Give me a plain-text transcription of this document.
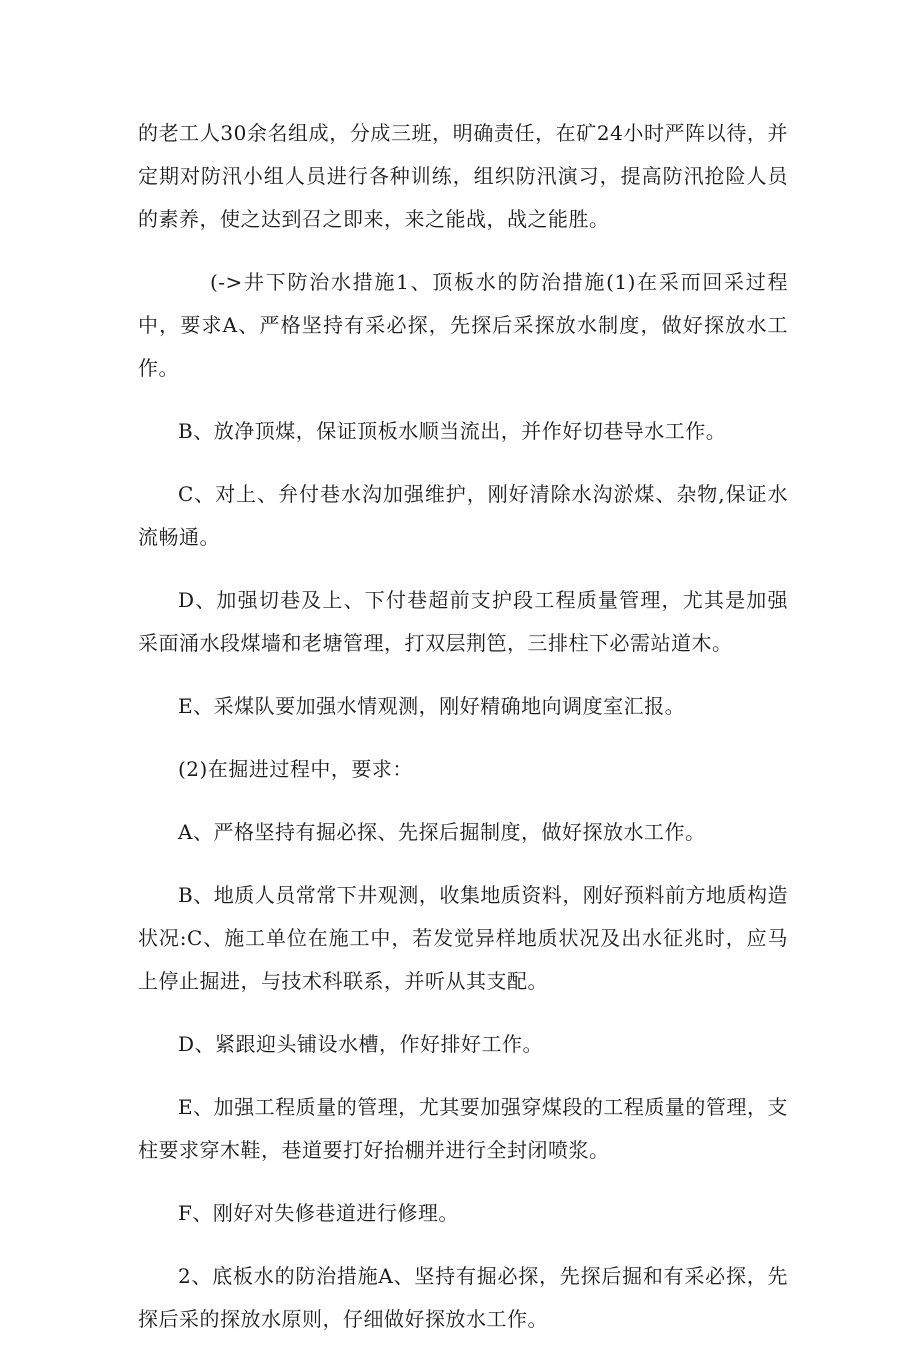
的老工人30余名组成，分成三班，明确责任，在矿24小时严阵以待，并定期对防汛小组人员进行各种训练，组织防汛演习，提高防汛抢险人员的素养，使之达到召之即来，来之能战，战之能胜。

(->井下防治水措施1、顶板水的防治措施(1)在采而回采过程中，要求A、严格坚持有采必探，先探后采探放水制度，做好探放水工作。

B、放净顶煤，保证顶板水顺当流出，并作好切巷导水工作。

C、对上、弁付巷水沟加强维护，刚好清除水沟淤煤、杂物,保证水流畅通。

D、加强切巷及上、下付巷超前支护段工程质量管理，尤其是加强采面涌水段煤墙和老塘管理，打双层荆笆，三排柱下必需站道木。

E、采煤队要加强水情观测，刚好精确地向调度室汇报。

(2)在掘进过程中，要求：

A、严格坚持有掘必探、先探后掘制度，做好探放水工作。

B、地质人员常常下井观测，收集地质资料，刚好预料前方地质构造状况:C、施工单位在施工中，若发觉异样地质状况及出水征兆时，应马上停止掘进，与技术科联系，并听从其支配。

D、紧跟迎头铺设水槽，作好排好工作。

E、加强工程质量的管理，尤其要加强穿煤段的工程质量的管理，支柱要求穿木鞋，巷道要打好抬棚并进行全封闭喷浆。

F、刚好对失修巷道进行修理。

2、底板水的防治措施A、坚持有掘必探，先探后掘和有采必探，先探后采的探放水原则，仔细做好探放水工作。
